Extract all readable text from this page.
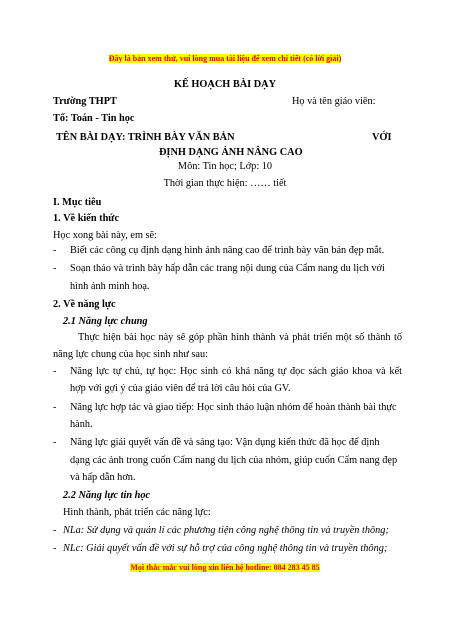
Đây là bản xem thử, vui lòng mua tài liệu để xem chi tiết (có lời giải)
KẾ HOẠCH BÀI DẠY
Trường THPT	Họ và tên giáo viên:
Tổ: Toán - Tin học
TÊN BÀI DẠY: TRÌNH BÀY VĂN BẢN	VỚI
ĐỊNH DẠNG ẢNH NÂNG CAO
Môn: Tin học; Lớp: 10
Thời gian thực hiện: …… tiết
I. Mục tiêu
1. Về kiến thức
Học xong bài này, em sẽ:
- Biết các công cụ định dạng hình ảnh nâng cao để trình bày văn bản đẹp mắt.
- Soạn thảo và trình bày hấp dẫn các trang nội dung của Cẩm nang du lịch với
hình ảnh minh hoạ.
2. Về năng lực
2.1 Năng lực chung
Thực hiện bài học này sẽ góp phần hình thành và phát triển một số thành tố
năng lực chung của học sinh như sau:
- Năng lực tự chủ, tự học: Học sinh có khả năng tự đọc sách giáo khoa và kết
hợp với gợi ý của giáo viên để trả lời câu hỏi của GV.
- Năng lực hợp tác và giao tiếp: Học sinh thảo luận nhóm để hoàn thành bài thực
hành.
- Năng lực giải quyết vấn đề và sáng tạo: Vận dụng kiến thức đã học để định
dạng các ảnh trong cuốn Cẩm nang du lịch của nhóm, giúp cuốn Cẩm nang đẹp
và hấp dẫn hơn.
2.2 Năng lực tin học
Hình thành, phát triển các năng lực:
- NLa: Sử dụng và quản lí các phương tiện công nghệ thông tin và truyền thông;
- NLc: Giải quyết vấn đề với sự hỗ trợ của công nghệ thông tin và truyền thông;
Mọi thắc mắc vui lòng xin liên hệ hotline: 084 283 45 85
